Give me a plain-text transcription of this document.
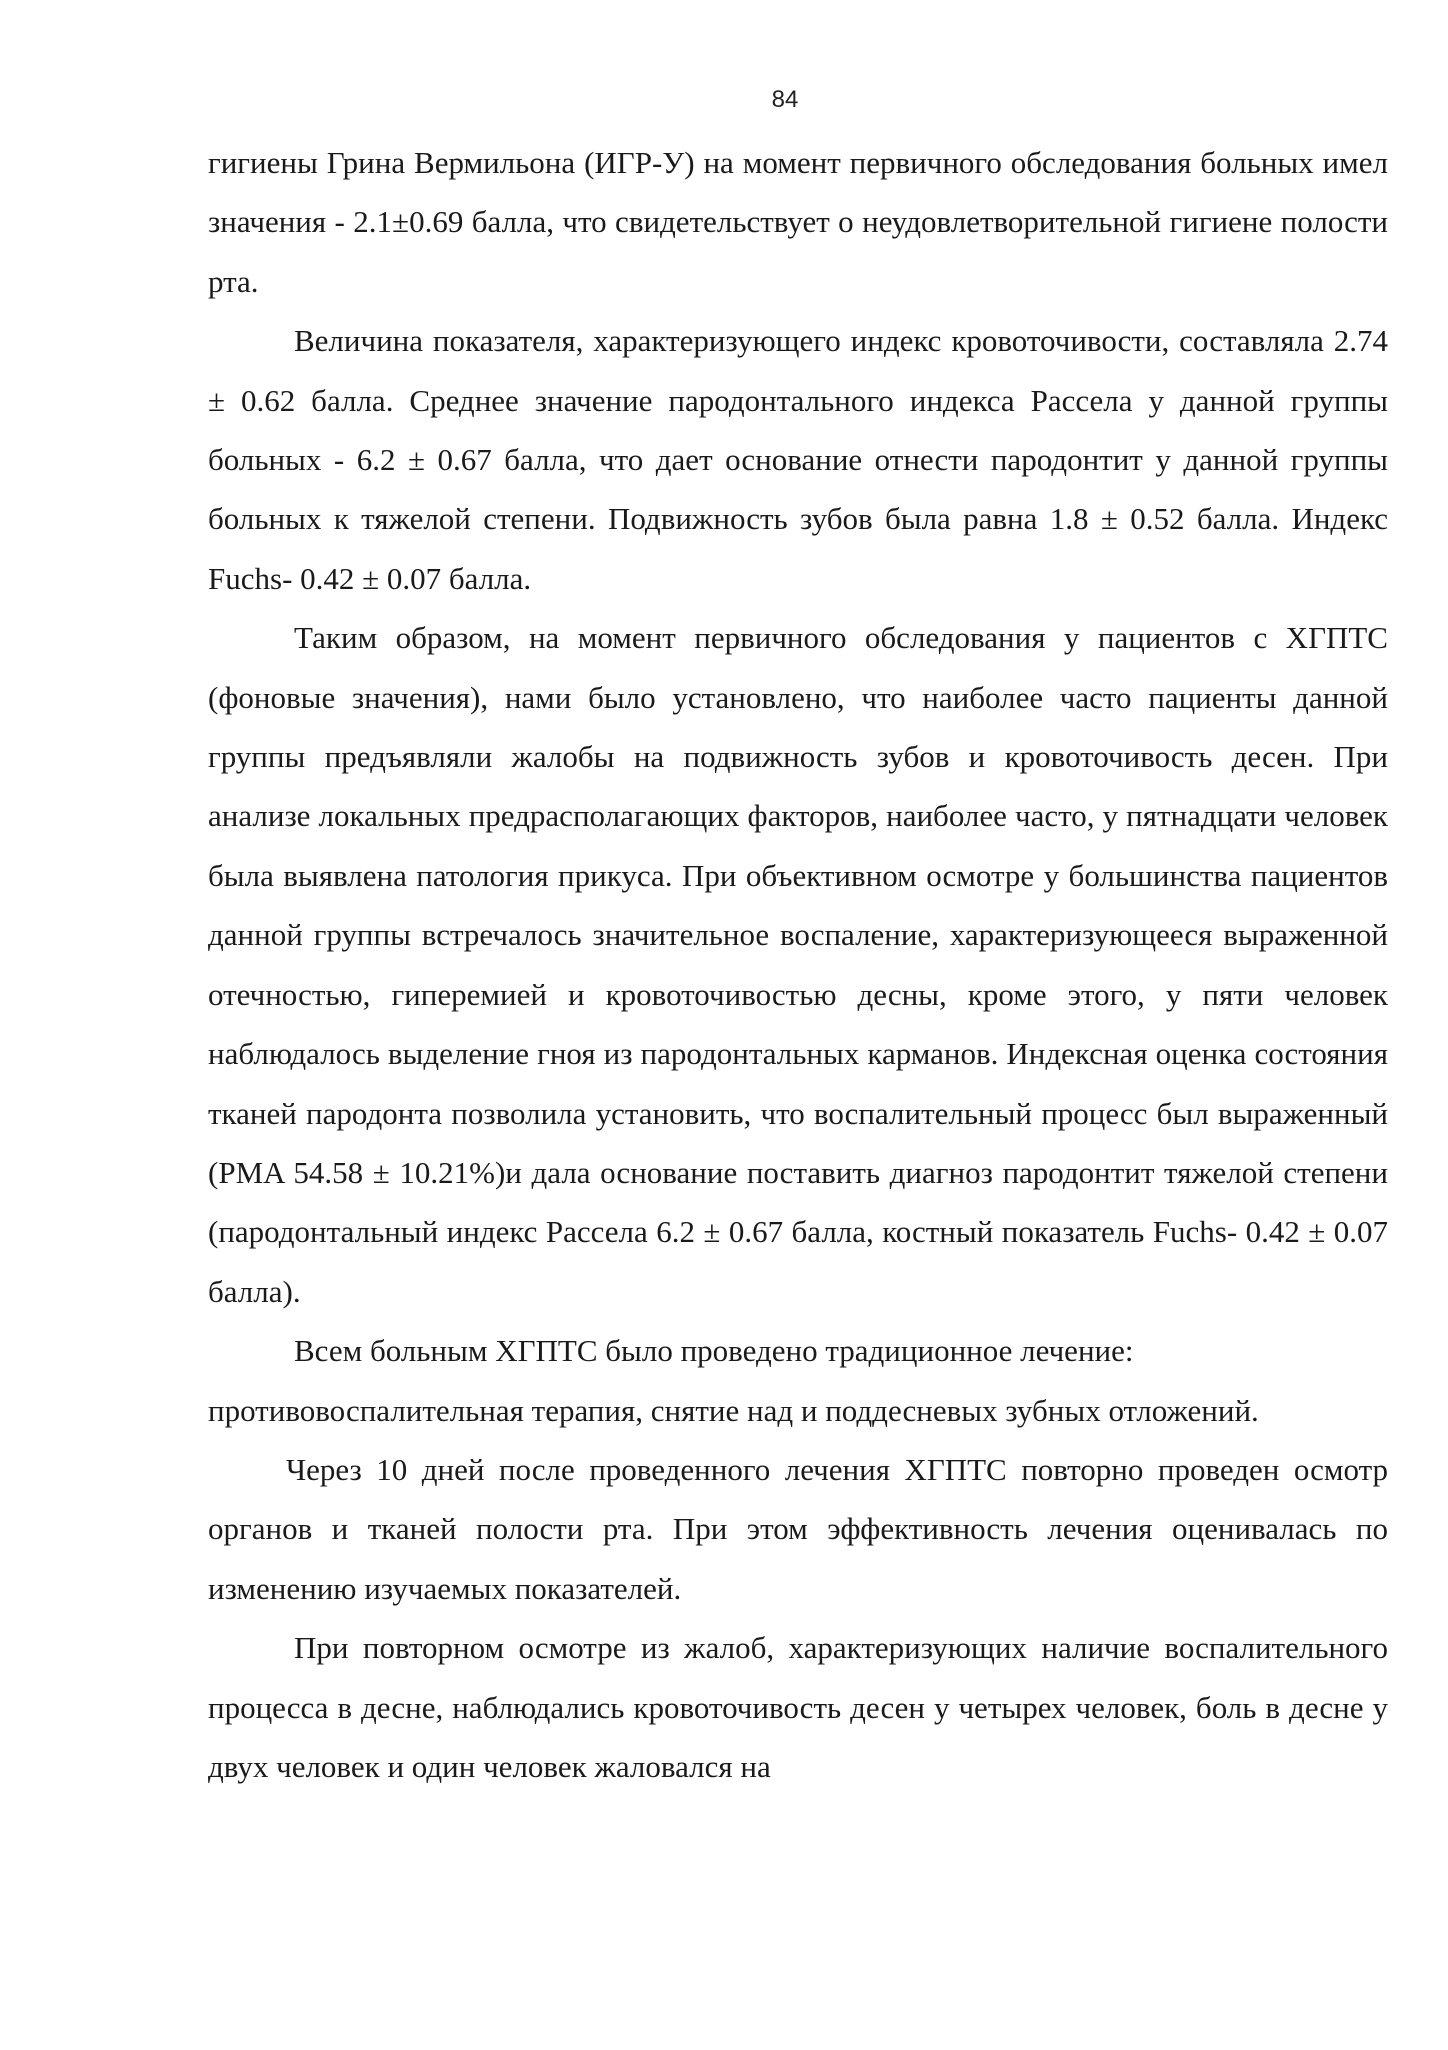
84

гигиены Грина Вермильона (ИГР-У) на момент первичного обследования больных имел значения - 2.1±0.69 балла, что свидетельствует о неудовлетворительной гигиене полости рта.

Величина показателя, характеризующего индекс кровоточивости, составляла 2.74 ± 0.62 балла. Среднее значение пародонтального индекса Рассела у данной группы больных - 6.2 ± 0.67 балла, что дает основание отнести пародонтит у данной группы больных к тяжелой степени. Подвижность зубов была равна 1.8 ± 0.52 балла. Индекс Fuchs- 0.42 ± 0.07 балла.

Таким образом, на момент первичного обследования у пациентов с ХГПТС (фоновые значения), нами было установлено, что наиболее часто пациенты данной группы предъявляли жалобы на подвижность зубов и кровоточивость десен. При анализе локальных предрасполагающих факторов, наиболее часто, у пятнадцати человек была выявлена патология прикуса. При объективном осмотре у большинства пациентов данной группы встречалось значительное воспаление, характеризующееся выраженной отечностью, гиперемией и кровоточивостью десны, кроме этого, у пяти человек наблюдалось выделение гноя из пародонтальных карманов. Индексная оценка состояния тканей пародонта позволила установить, что воспалительный процесс был выраженный (PMA 54.58 ± 10.21%)и дала основание поставить диагноз пародонтит тяжелой степени (пародонтальный индекс Рассела 6.2 ± 0.67 балла, костный показатель Fuchs- 0.42 ± 0.07 балла).

Всем больным ХГПТС было проведено традиционное лечение:

противовоспалительная терапия, снятие над и поддесневых зубных отложений.

Через 10 дней после проведенного лечения ХГПТС повторно проведен осмотр органов и тканей полости рта. При этом эффективность лечения оценивалась по изменению изучаемых показателей.

При повторном осмотре из жалоб, характеризующих наличие воспалительного процесса в десне, наблюдались кровоточивость десен у четырех человек, боль в десне у двух человек и один человек жаловался на
